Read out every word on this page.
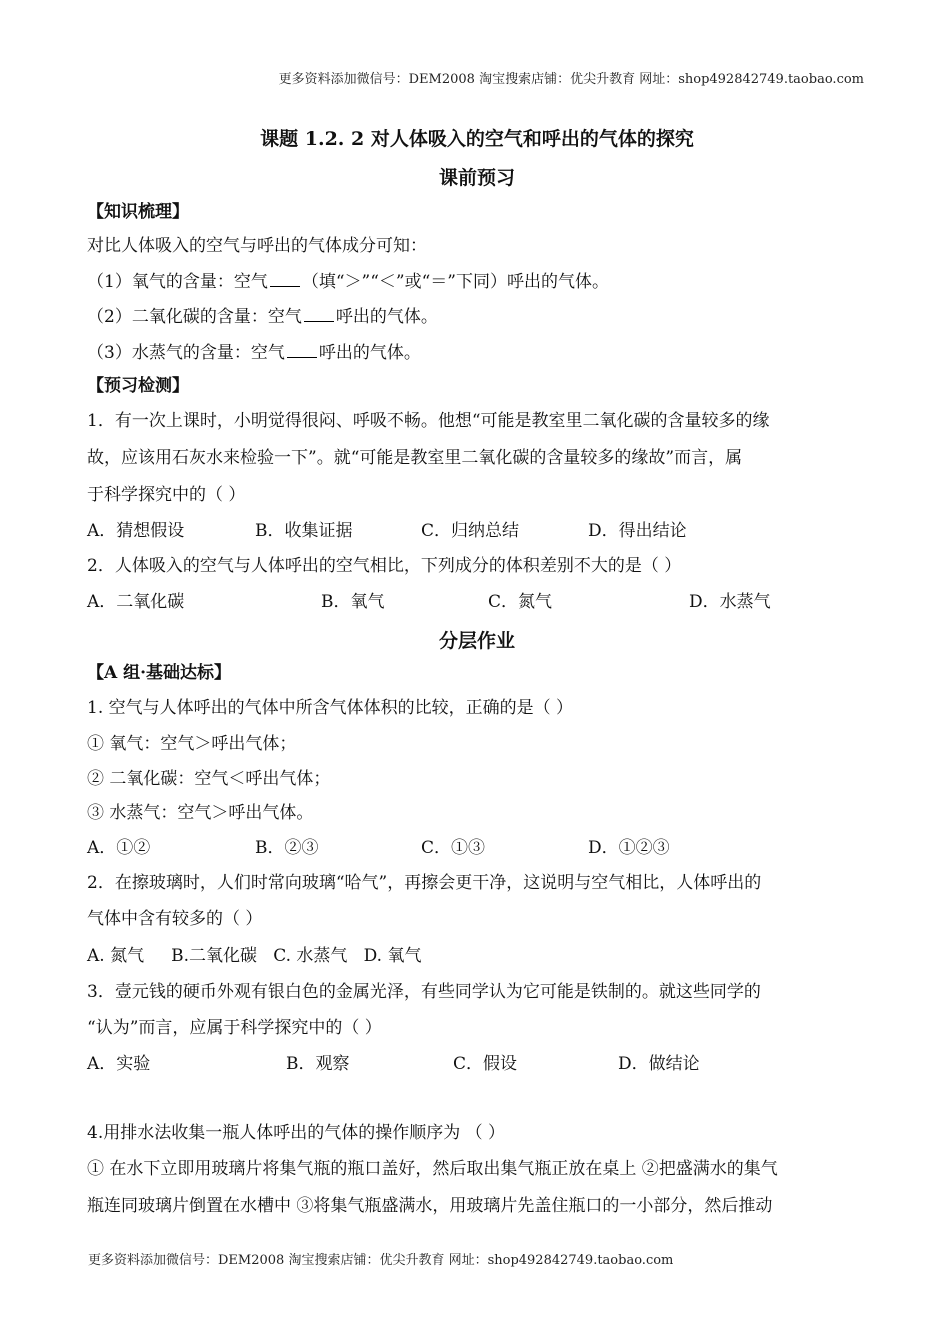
更多资料添加微信号：DEM2008 淘宝搜索店铺：优尖升教育 网址：shop492842749.taobao.com
课题 1.2. 2 对人体吸入的空气和呼出的气体的探究
课前预习
【知识梳理】
对比人体吸入的空气与呼出的气体成分可知：
（1）氧气的含量：空气 （填“＞”“＜”或“＝”下同）呼出的气体。
（2）二氧化碳的含量：空气 呼出的气体。
（3）水蒸气的含量：空气 呼出的气体。
【预习检测】
1．有一次上课时，小明觉得很闷、呼吸不畅。他想“可能是教室里二氧化碳的含量较多的缘
故，应该用石灰水来检验一下”。就“可能是教室里二氧化碳的含量较多的缘故”而言，属
于科学探究中的（ ）
A．猜想假设	B．收集证据	C．归纳总结	D．得出结论
2．人体吸入的空气与人体呼出的空气相比，下列成分的体积差别不大的是（ ）
A．二氧化碳	B．氧气	C．氮气	D．水蒸气
分层作业
【A 组·基础达标】
1. 空气与人体呼出的气体中所含气体体积的比较，正确的是（ ）
① 氧气：空气＞呼出气体；
② 二氧化碳：空气＜呼出气体；
③ 水蒸气：空气＞呼出气体。
A．①②	B．②③	C．①③	D．①②③
2．在擦玻璃时，人们时常向玻璃“哈气”，再擦会更干净，这说明与空气相比，人体呼出的
气体中含有较多的（ ）
A. 氮气     B.二氧化碳   C. 水蒸气   D. 氧气
3．壹元钱的硬币外观有银白色的金属光泽，有些同学认为它可能是铁制的。就这些同学的
“认为”而言，应属于科学探究中的（ ）
A．实验	B．观察	C．假设	D．做结论
4.用排水法收集一瓶人体呼出的气体的操作顺序为 （ ）
① 在水下立即用玻璃片将集气瓶的瓶口盖好，然后取出集气瓶正放在桌上 ②把盛满水的集气
瓶连同玻璃片倒置在水槽中 ③将集气瓶盛满水，用玻璃片先盖住瓶口的一小部分，然后推动
更多资料添加微信号：DEM2008 淘宝搜索店铺：优尖升教育 网址：shop492842749.taobao.com
